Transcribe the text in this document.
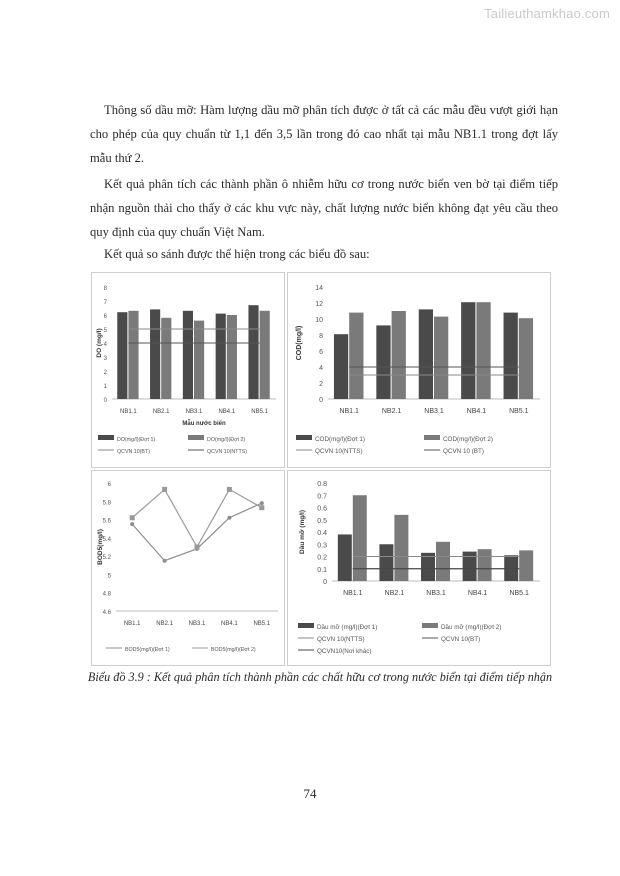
Tailieuthamkhao.com

Thông số dầu mỡ: Hàm lượng dầu mỡ phân tích được ở tất cả các mẫu đều vượt giới hạn cho phép của quy chuẩn từ 1,1 đến 3,5 lần trong đó cao nhất tại mẫu NB1.1 trong đợt lấy mẫu thứ 2.

Kết quả phân tích các thành phần ô nhiễm hữu cơ trong nước biển ven bờ tại điểm tiếp nhận nguồn thải cho thấy ở các khu vực này, chất lượng nước biển không đạt yêu cầu theo quy định của quy chuẩn Việt Nam.

Kết quả so sánh được thể hiện trong các biểu đồ sau:

0
1
2
3
4
5
6
7
8
DO (mg/l)
NB1.1	NB2.1	NB3.1	NB4.1	NB5.1
Mẫu nước biển
DO(mg/l)(Đợt 1)	DO(mg/l)(Đợt 2)
QCVN 10(BT)	QCVN 10(NTTS)
0
2
4
6
8
10
12
14
COD(mg/l)
NB1.1	NB2.1	NB3.1	NB4.1	NB5.1
COD(mg/l)(Đợt 1)	COD(mg/l)(Đợt 2)
QCVN 10(NTTS)	QCVN 10 (BT)
4.6
4.8
5
5.2
5.4
5.6
5.8
6
BOD5(mg/l)
NB1.1	NB2.1	NB3.1	NB4.1	NB5.1
BOD5(mg/l)(Đợt 1)	BOD5(mg/l)(Đợt 2)
0
0.1
0.2
0.3
0.4
0.5
0.6
0.7
0.8
Dầu mỡ (mg/l)
NB1.1	NB2.1	NB3.1	NB4.1	NB5.1
Dầu mỡ (mg/l)(Đợt 1)	Dầu mỡ (mg/l)(Đợt 2)
QCVN 10(NTTS)	QCVN 10(BT)
QCVN10(Nơi khác)
Biểu đồ 3.9 : Kết quả phân tích thành phần các chất hữu cơ trong nước biển tại điểm tiếp nhận
74
